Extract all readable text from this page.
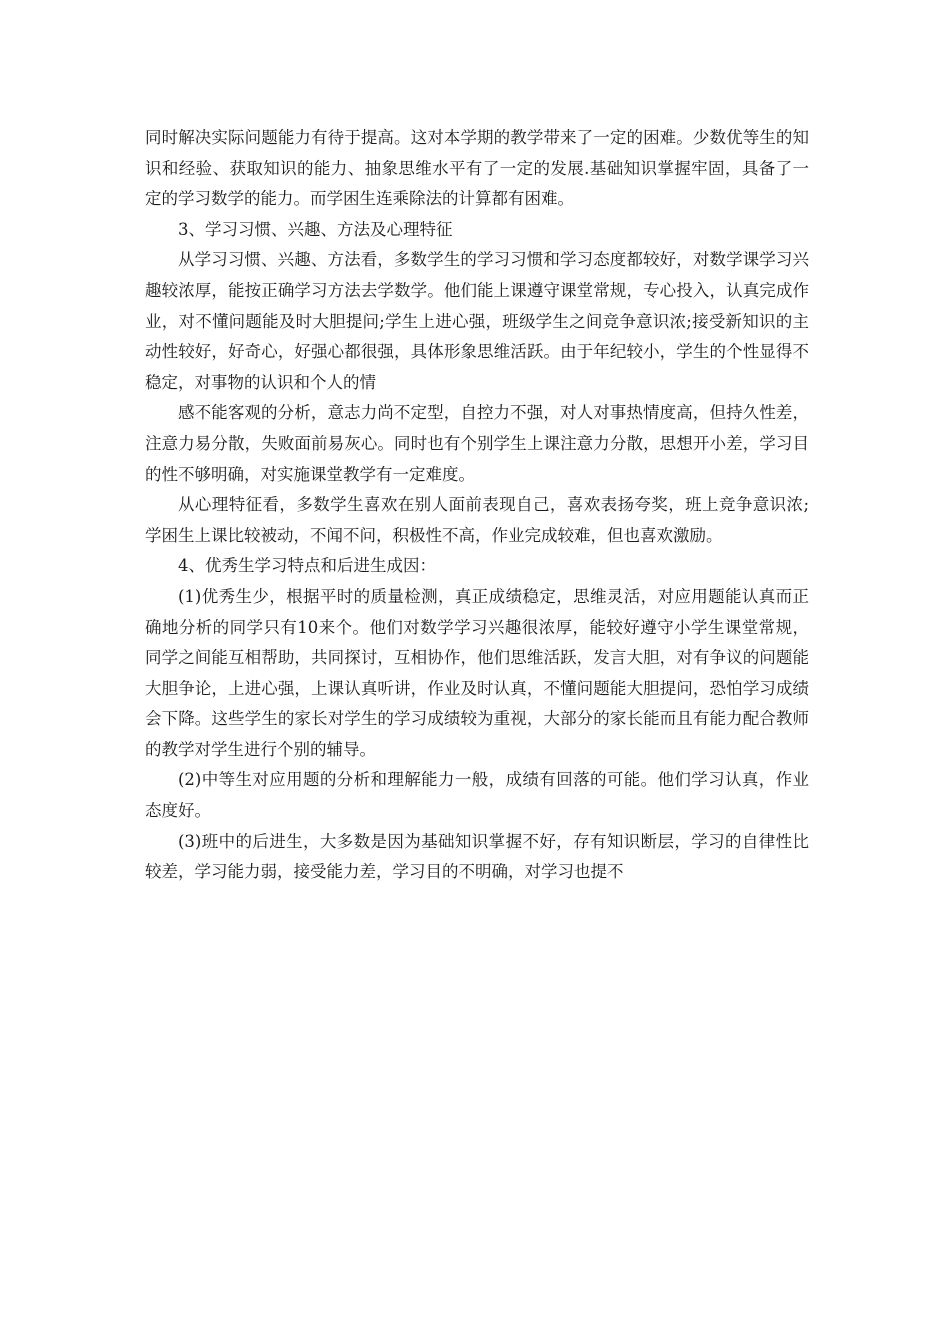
同时解决实际问题能力有待于提高。这对本学期的教学带来了一定的困难。少数优等生的知识和经验、获取知识的能力、抽象思维水平有了一定的发展.基础知识掌握牢固，具备了一定的学习数学的能力。而学困生连乘除法的计算都有困难。

3、学习习惯、兴趣、方法及心理特征

从学习习惯、兴趣、方法看，多数学生的学习习惯和学习态度都较好，对数学课学习兴趣较浓厚，能按正确学习方法去学数学。他们能上课遵守课堂常规，专心投入，认真完成作业，对不懂问题能及时大胆提问;学生上进心强，班级学生之间竞争意识浓;接受新知识的主动性较好，好奇心，好强心都很强，具体形象思维活跃。由于年纪较小，学生的个性显得不稳定，对事物的认识和个人的情

感不能客观的分析，意志力尚不定型，自控力不强，对人对事热情度高，但持久性差，注意力易分散，失败面前易灰心。同时也有个别学生上课注意力分散，思想开小差，学习目的性不够明确，对实施课堂教学有一定难度。

从心理特征看，多数学生喜欢在别人面前表现自己，喜欢表扬夸奖，班上竞争意识浓;学困生上课比较被动，不闻不问，积极性不高，作业完成较难，但也喜欢激励。

4、优秀生学习特点和后进生成因：

(1)优秀生少，根据平时的质量检测，真正成绩稳定，思维灵活，对应用题能认真而正确地分析的同学只有10来个。他们对数学学习兴趣很浓厚，能较好遵守小学生课堂常规，同学之间能互相帮助，共同探讨，互相协作，他们思维活跃，发言大胆，对有争议的问题能大胆争论，上进心强，上课认真听讲，作业及时认真，不懂问题能大胆提问，恐怕学习成绩会下降。这些学生的家长对学生的学习成绩较为重视，大部分的家长能而且有能力配合教师的教学对学生进行个别的辅导。

(2)中等生对应用题的分析和理解能力一般，成绩有回落的可能。他们学习认真，作业态度好。

(3)班中的后进生，大多数是因为基础知识掌握不好，存有知识断层，学习的自律性比较差，学习能力弱，接受能力差，学习目的不明确，对学习也提不
